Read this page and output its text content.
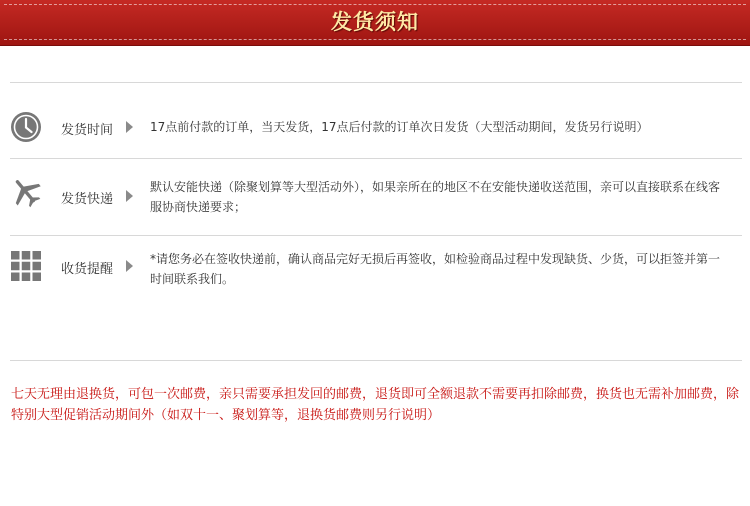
发货须知
发货时间	17点前付款的订单，当天发货，17点后付款的订单次日发货（大型活动期间，发货另行说明）
发货快递
默认安能快递（除聚划算等大型活动外），如果亲所在的地区不在安能快递收送范围，亲可以直接联系在线客服协商快递要求；
收货提醒
*请您务必在签收快递前，确认商品完好无损后再签收，如检验商品过程中发现缺货、少货，可以拒签并第一时间联系我们。
七天无理由退换货，可包一次邮费，亲只需要承担发回的邮费，退货即可全额退款不需要再扣除邮费，换货也无需补加邮费，除特别大型促销活动期间外（如双十一、聚划算等，退换货邮费则另行说明）
